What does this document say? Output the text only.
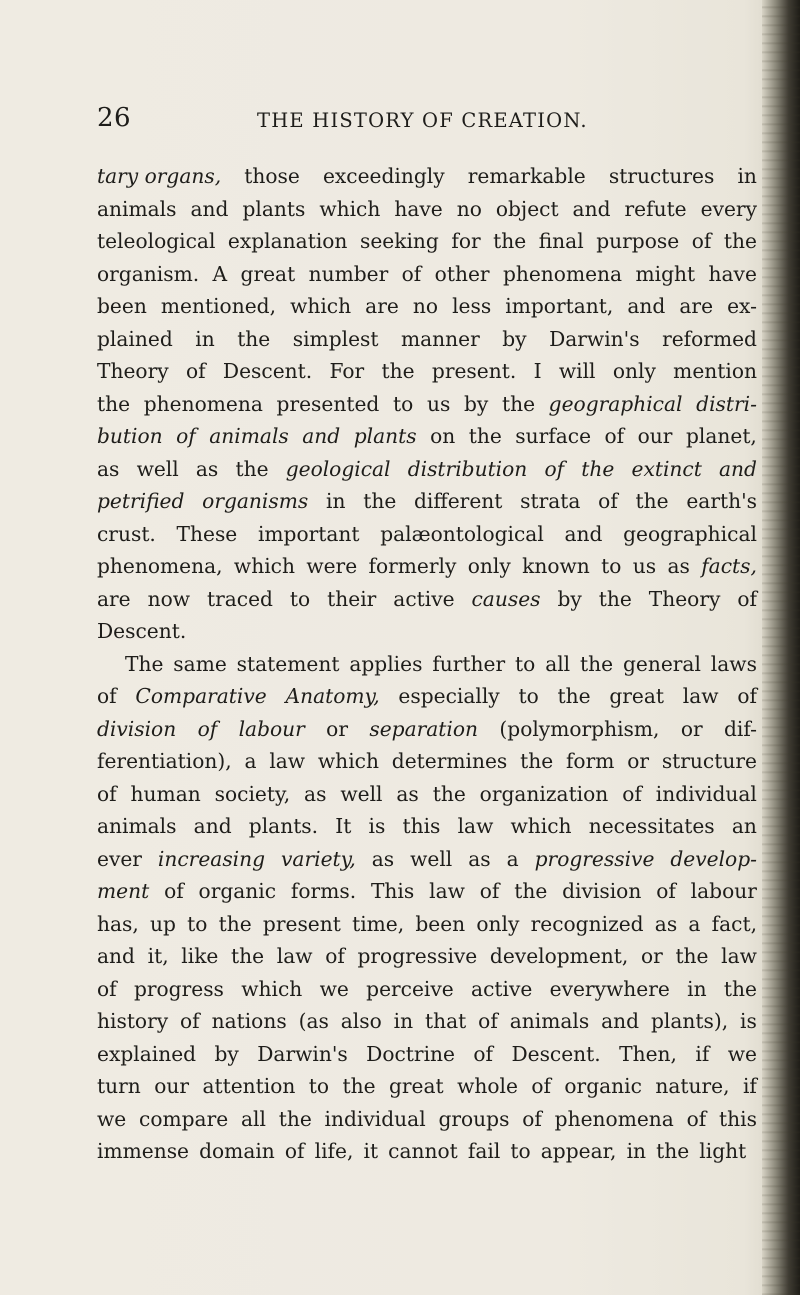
26	THE HISTORY OF CREATION.
tary organs, those exceedingly remarkable structures in
animals and plants which have no object and refute every
teleological explanation seeking for the final purpose of the
organism. A great number of other phenomena might have
been mentioned, which are no less important, and are ex-
plained in the simplest manner by Darwin's reformed
Theory of Descent. For the present. I will only mention
the phenomena presented to us by the geographical distri-
bution of animals and plants on the surface of our planet,
as well as the geological distribution of the extinct and
petrified organisms in the different strata of the earth's
crust. These important palæontological and geographical
phenomena, which were formerly only known to us as facts,
are now traced to their active causes by the Theory of
Descent.
The same statement applies further to all the general laws
of Comparative Anatomy, especially to the great law of
division of labour or separation (polymorphism, or dif-
ferentiation), a law which determines the form or structure
of human society, as well as the organization of individual
animals and plants. It is this law which necessitates an
ever increasing variety, as well as a progressive develop-
ment of organic forms. This law of the division of labour
has, up to the present time, been only recognized as a fact,
and it, like the law of progressive development, or the law
of progress which we perceive active everywhere in the
history of nations (as also in that of animals and plants), is
explained by Darwin's Doctrine of Descent. Then, if we
turn our attention to the great whole of organic nature, if
we compare all the individual groups of phenomena of this
immense domain of life, it cannot fail to appear, in the light
